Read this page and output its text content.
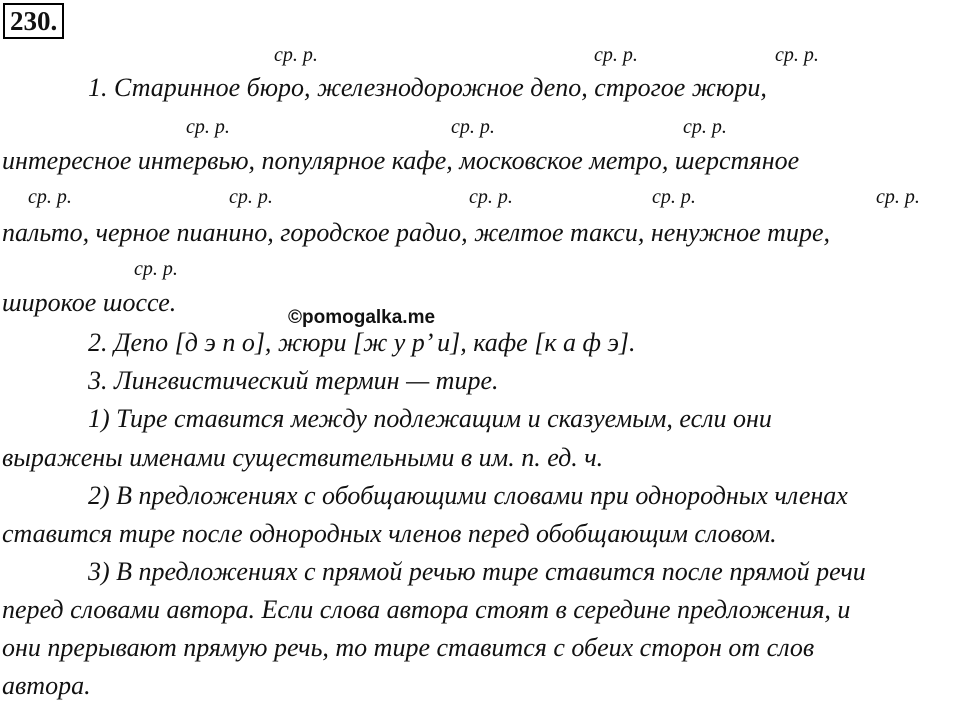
230.
ср. р.	ср. р.	ср. р.
1. Старинное бюро, железнодорожное депо, строгое жюри,
ср. р.	ср. р.	ср. р.
интересное интервью, популярное кафе, московское метро, шерстяное
ср. р.	ср. р.	ср. р.	ср. р.	ср. р.
пальто, черное пианино, городское радио, желтое такси, ненужное тире,
ср. р.
широкое шоссе.
©pomogalka.me
2. Депо [д э п о], жюри [ж у р’ и], кафе [к а ф э].
3. Лингвистический термин — тире.
1) Тире ставится между подлежащим и сказуемым, если они
выражены именами существительными в им. п. ед. ч.
2) В предложениях с обобщающими словами при однородных членах
ставится тире после однородных членов перед обобщающим словом.
3) В предложениях с прямой речью тире ставится после прямой речи
перед словами автора. Если слова автора стоят в середине предложения, и
они прерывают прямую речь, то тире ставится с обеих сторон от слов
автора.
